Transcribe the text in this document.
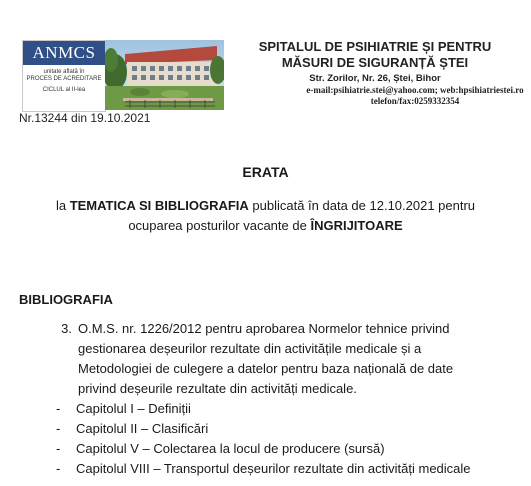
ANMCS
unitate aflată în
PROCES DE ACREDITARE
CICLUL al II-lea
SPITALUL DE PSIHIATRIE ȘI PENTRU
MĂSURI DE SIGURANȚĂ ȘTEI
Str. Zorilor, Nr. 26, Ștei, Bihor
e-mail:psihiatrie.stei@yahoo.com; web:hpsihiatriestei.ro
telefon/fax:0259332354
Nr.13244 din 19.10.2021
ERATA
la TEMATICA SI BIBLIOGRAFIA publicată în data de 12.10.2021 pentru
ocuparea posturilor vacante de ÎNGRIJITOARE
BIBLIOGRAFIA
3. O.M.S. nr. 1226/2012 pentru aprobarea Normelor tehnice privind
gestionarea deșeurilor rezultate din activitățile medicale și a
Metodologiei de culegere a datelor pentru baza națională de date
privind deșeurile rezultate din activități medicale.
- Capitolul I – Definiții
- Capitolul II – Clasificări
- Capitolul V – Colectarea la locul de producere (sursă)
- Capitolul VIII – Transportul deșeurilor rezultate din activități medicale
